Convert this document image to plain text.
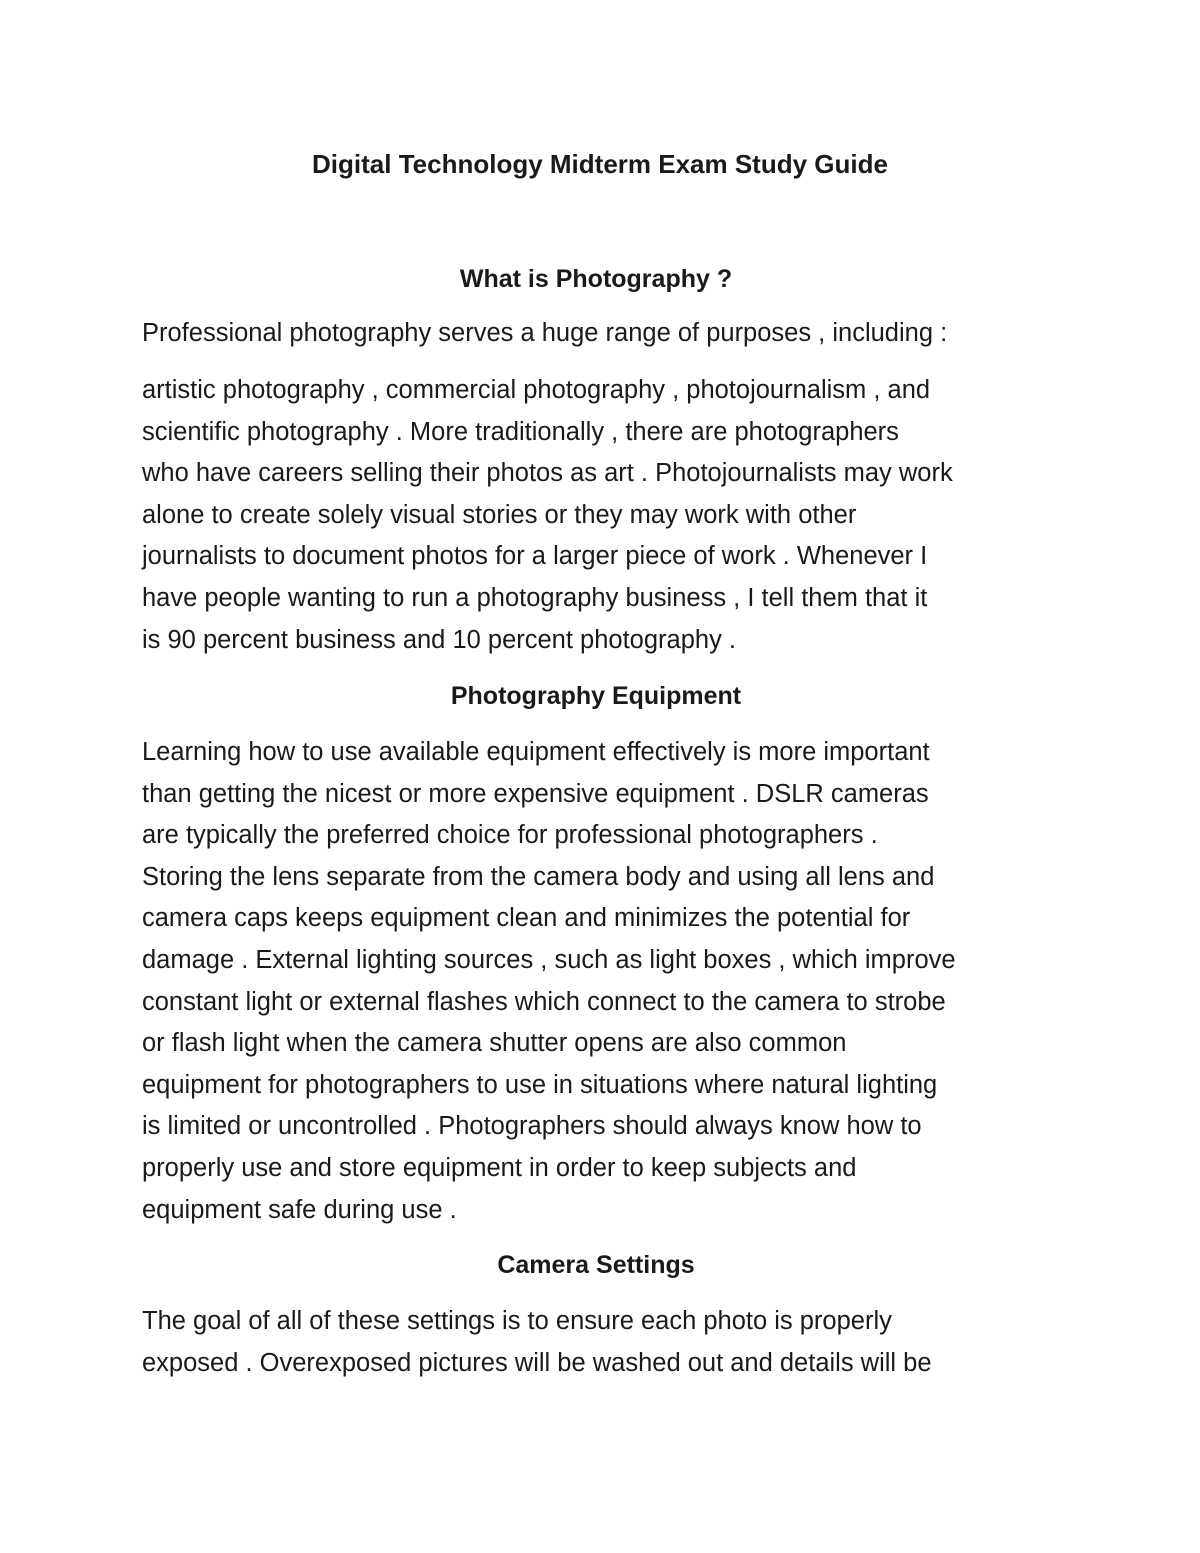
Digital Technology Midterm Exam Study Guide
What is Photography ?

Professional photography serves a huge range of purposes , including :

artistic photography , commercial photography , photojournalism , and
scientific photography . More traditionally , there are photographers
who have careers selling their photos as art . Photojournalists may work
alone to create solely visual stories or they may work with other
journalists to document photos for a larger piece of work . Whenever I
have people wanting to run a photography business , I tell them that it
is 90 percent business and 10 percent photography .

Photography Equipment

Learning how to use available equipment effectively is more important
than getting the nicest or more expensive equipment . DSLR cameras
are typically the preferred choice for professional photographers .
Storing the lens separate from the camera body and using all lens and
camera caps keeps equipment clean and minimizes the potential for
damage . External lighting sources , such as light boxes , which improve
constant light or external flashes which connect to the camera to strobe
or flash light when the camera shutter opens are also common
equipment for photographers to use in situations where natural lighting
is limited or uncontrolled . Photographers should always know how to
properly use and store equipment in order to keep subjects and
equipment safe during use .

Camera Settings

The goal of all of these settings is to ensure each photo is properly
exposed . Overexposed pictures will be washed out and details will be
